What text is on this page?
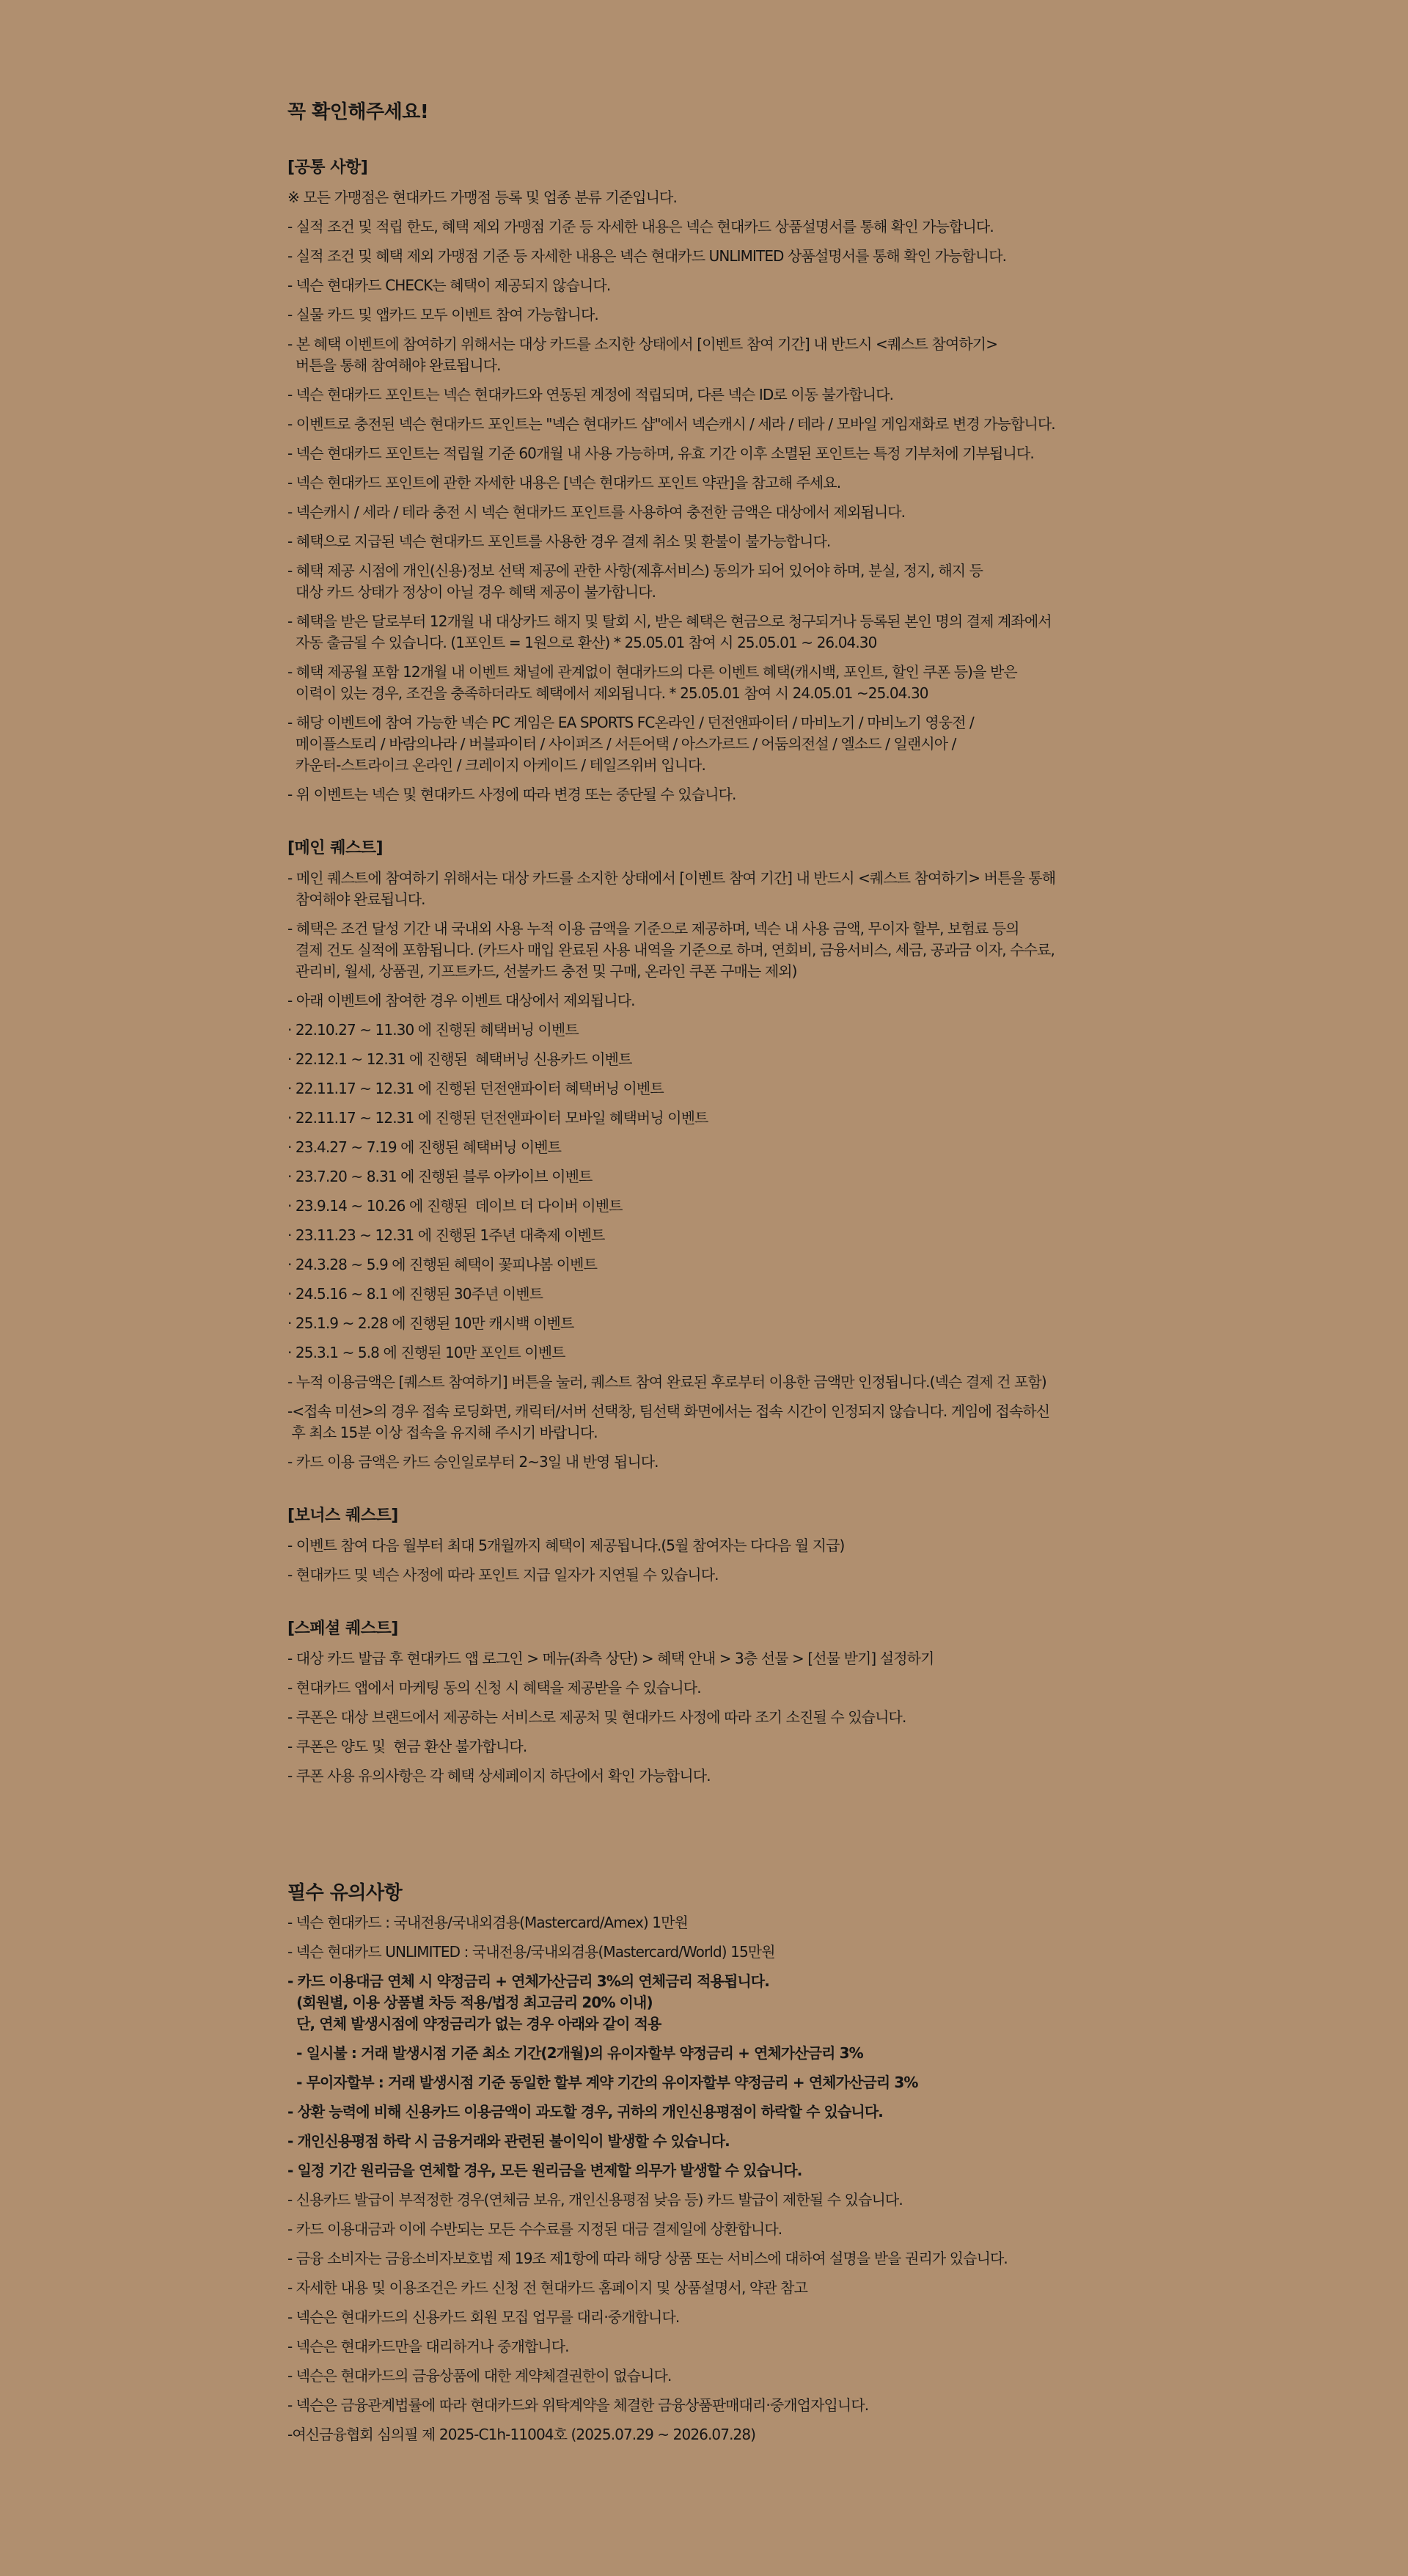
꼭 확인해주세요!
[공통 사항]
※ 모든 가맹점은 현대카드 가맹점 등록 및 업종 분류 기준입니다.
- 실적 조건 및 적립 한도, 혜택 제외 가맹점 기준 등 자세한 내용은 넥슨 현대카드 상품설명서를 통해 확인 가능합니다.
- 실적 조건 및 혜택 제외 가맹점 기준 등 자세한 내용은 넥슨 현대카드 UNLIMITED 상품설명서를 통해 확인 가능합니다.
- 넥슨 현대카드 CHECK는 혜택이 제공되지 않습니다.
- 실물 카드 및 앱카드 모두 이벤트 참여 가능합니다.
- 본 혜택 이벤트에 참여하기 위해서는 대상 카드를 소지한 상태에서 [이벤트 참여 기간] 내 반드시 <퀘스트 참여하기>
버튼을 통해 참여해야 완료됩니다.
- 넥슨 현대카드 포인트는 넥슨 현대카드와 연동된 계정에 적립되며, 다른 넥슨 ID로 이동 불가합니다.
- 이벤트로 충전된 넥슨 현대카드 포인트는 "넥슨 현대카드 샵"에서 넥슨캐시 / 세라 / 테라 / 모바일 게임재화로 변경 가능합니다.
- 넥슨 현대카드 포인트는 적립월 기준 60개월 내 사용 가능하며, 유효 기간 이후 소멸된 포인트는 특정 기부처에 기부됩니다.
- 넥슨 현대카드 포인트에 관한 자세한 내용은 [넥슨 현대카드 포인트 약관]을 참고해 주세요.
- 넥슨캐시 / 세라 / 테라 충전 시 넥슨 현대카드 포인트를 사용하여 충전한 금액은 대상에서 제외됩니다.
- 혜택으로 지급된 넥슨 현대카드 포인트를 사용한 경우 결제 취소 및 환불이 불가능합니다.
- 혜택 제공 시점에 개인(신용)정보 선택 제공에 관한 사항(제휴서비스) 동의가 되어 있어야 하며, 분실, 정지, 해지 등
대상 카드 상태가 정상이 아닐 경우 혜택 제공이 불가합니다.
- 혜택을 받은 달로부터 12개월 내 대상카드 해지 및 탈회 시, 받은 혜택은 현금으로 청구되거나 등록된 본인 명의 결제 계좌에서
자동 출금될 수 있습니다. (1포인트 = 1원으로 환산) * 25.05.01 참여 시 25.05.01 ~ 26.04.30
- 혜택 제공월 포함 12개월 내 이벤트 채널에 관계없이 현대카드의 다른 이벤트 혜택(캐시백, 포인트, 할인 쿠폰 등)을 받은
이력이 있는 경우, 조건을 충족하더라도 혜택에서 제외됩니다. * 25.05.01 참여 시 24.05.01 ~25.04.30
- 해당 이벤트에 참여 가능한 넥슨 PC 게임은 EA SPORTS FC온라인 / 던전앤파이터 / 마비노기 / 마비노기 영웅전 /
메이플스토리 / 바람의나라 / 버블파이터 / 사이퍼즈 / 서든어택 / 아스가르드 / 어둠의전설 / 엘소드 / 일랜시아 /
카운터-스트라이크 온라인 / 크레이지 아케이드 / 테일즈위버 입니다.
- 위 이벤트는 넥슨 및 현대카드 사정에 따라 변경 또는 중단될 수 있습니다.
[메인 퀘스트]
- 메인 퀘스트에 참여하기 위해서는 대상 카드를 소지한 상태에서 [이벤트 참여 기간] 내 반드시 <퀘스트 참여하기> 버튼을 통해
참여해야 완료됩니다.
- 혜택은 조건 달성 기간 내 국내외 사용 누적 이용 금액을 기준으로 제공하며, 넥슨 내 사용 금액, 무이자 할부, 보험료 등의
결제 건도 실적에 포함됩니다. (카드사 매입 완료된 사용 내역을 기준으로 하며, 연회비, 금융서비스, 세금, 공과금 이자, 수수료,
관리비, 월세, 상품권, 기프트카드, 선불카드 충전 및 구매, 온라인 쿠폰 구매는 제외)
- 아래 이벤트에 참여한 경우 이벤트 대상에서 제외됩니다.
· 22.10.27 ~ 11.30 에 진행된 혜택버닝 이벤트
· 22.12.1 ~ 12.31 에 진행된  혜택버닝 신용카드 이벤트
· 22.11.17 ~ 12.31 에 진행된 던전앤파이터 혜택버닝 이벤트
· 22.11.17 ~ 12.31 에 진행된 던전앤파이터 모바일 혜택버닝 이벤트
· 23.4.27 ~ 7.19 에 진행된 혜택버닝 이벤트
· 23.7.20 ~ 8.31 에 진행된 블루 아카이브 이벤트
· 23.9.14 ~ 10.26 에 진행된  데이브 더 다이버 이벤트
· 23.11.23 ~ 12.31 에 진행된 1주년 대축제 이벤트
· 24.3.28 ~ 5.9 에 진행된 혜택이 꽃피나봄 이벤트
· 24.5.16 ~ 8.1 에 진행된 30주년 이벤트
· 25.1.9 ~ 2.28 에 진행된 10만 캐시백 이벤트
· 25.3.1 ~ 5.8 에 진행된 10만 포인트 이벤트
- 누적 이용금액은 [퀘스트 참여하기] 버튼을 눌러, 퀘스트 참여 완료된 후로부터 이용한 금액만 인정됩니다.(넥슨 결제 건 포함)
-<접속 미션>의 경우 접속 로딩화면, 캐릭터/서버 선택창, 팀선택 화면에서는 접속 시간이 인정되지 않습니다. 게임에 접속하신
후 최소 15분 이상 접속을 유지해 주시기 바랍니다.
- 카드 이용 금액은 카드 승인일로부터 2~3일 내 반영 됩니다.
[보너스 퀘스트]
- 이벤트 참여 다음 월부터 최대 5개월까지 혜택이 제공됩니다.(5월 참여자는 다다음 월 지급)
- 현대카드 및 넥슨 사정에 따라 포인트 지급 일자가 지연될 수 있습니다.
[스페셜 퀘스트]
- 대상 카드 발급 후 현대카드 앱 로그인 > 메뉴(좌측 상단) > 혜택 안내 > 3층 선물 > [선물 받기] 설정하기
- 현대카드 앱에서 마케팅 동의 신청 시 혜택을 제공받을 수 있습니다.
- 쿠폰은 대상 브랜드에서 제공하는 서비스로 제공처 및 현대카드 사정에 따라 조기 소진될 수 있습니다.
- 쿠폰은 양도 및  현금 환산 불가합니다.
- 쿠폰 사용 유의사항은 각 혜택 상세페이지 하단에서 확인 가능합니다.
필수 유의사항
- 넥슨 현대카드 : 국내전용/국내외겸용(Mastercard/Amex) 1만원
- 넥슨 현대카드 UNLIMITED : 국내전용/국내외겸용(Mastercard/World) 15만원
- 카드 이용대금 연체 시 약정금리 + 연체가산금리 3%의 연체금리 적용됩니다.
(회원별, 이용 상품별 차등 적용/법정 최고금리 20% 이내)
단, 연체 발생시점에 약정금리가 없는 경우 아래와 같이 적용
- 일시불 : 거래 발생시점 기준 최소 기간(2개월)의 유이자할부 약정금리 + 연체가산금리 3%
- 무이자할부 : 거래 발생시점 기준 동일한 할부 계약 기간의 유이자할부 약정금리 + 연체가산금리 3%
- 상환 능력에 비해 신용카드 이용금액이 과도할 경우, 귀하의 개인신용평점이 하락할 수 있습니다.
- 개인신용평점 하락 시 금융거래와 관련된 불이익이 발생할 수 있습니다.
- 일정 기간 원리금을 연체할 경우, 모든 원리금을 변제할 의무가 발생할 수 있습니다.
- 신용카드 발급이 부적정한 경우(연체금 보유, 개인신용평점 낮음 등) 카드 발급이 제한될 수 있습니다.
- 카드 이용대금과 이에 수반되는 모든 수수료를 지정된 대금 결제일에 상환합니다.
- 금융 소비자는 금융소비자보호법 제 19조 제1항에 따라 해당 상품 또는 서비스에 대하여 설명을 받을 권리가 있습니다.
- 자세한 내용 및 이용조건은 카드 신청 전 현대카드 홈페이지 및 상품설명서, 약관 참고
- 넥슨은 현대카드의 신용카드 회원 모집 업무를 대리·중개합니다.
- 넥슨은 현대카드만을 대리하거나 중개합니다.
- 넥슨은 현대카드의 금융상품에 대한 계약체결권한이 없습니다.
- 넥슨은 금융관계법률에 따라 현대카드와 위탁계약을 체결한 금융상품판매대리·중개업자입니다.
-여신금융협회 심의필 제 2025-C1h-11004호 (2025.07.29 ~ 2026.07.28)
